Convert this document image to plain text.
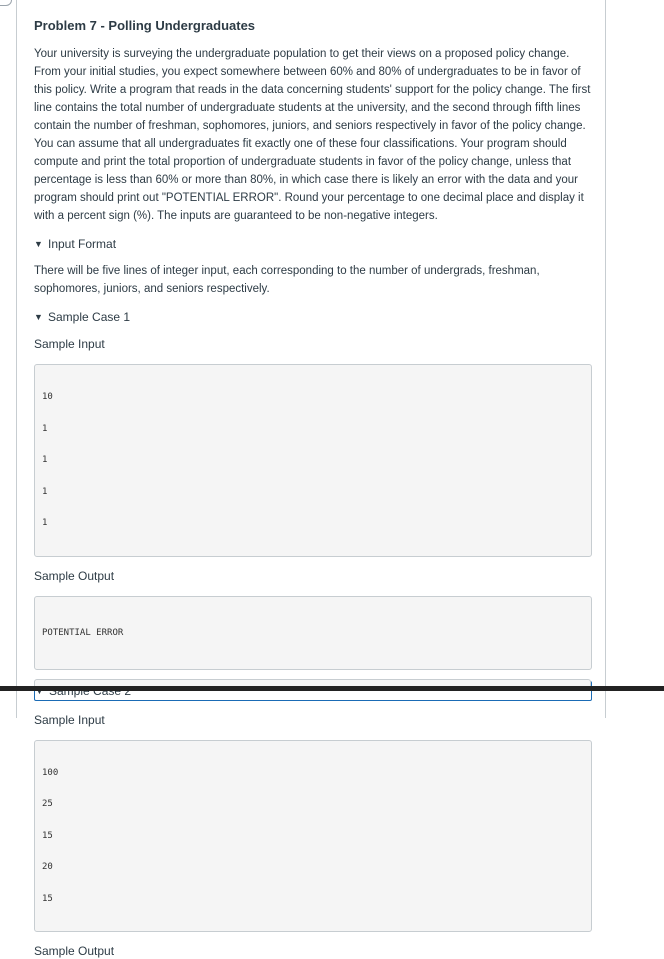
Problem 7 - Polling Undergraduates

Your university is surveying the undergraduate population to get their views on a proposed policy change. From your initial studies, you expect somewhere between 60% and 80% of undergraduates to be in favor of this policy. Write a program that reads in the data concerning students' support for the policy change. The first line contains the total number of undergraduate students at the university, and the second through fifth lines contain the number of freshman, sophomores, juniors, and seniors respectively in favor of the policy change. You can assume that all undergraduates fit exactly one of these four classifications. Your program should compute and print the total proportion of undergraduate students in favor of the policy change, unless that percentage is less than 60% or more than 80%, in which case there is likely an error with the data and your program should print out "POTENTIAL ERROR". Round your percentage to one decimal place and display it with a percent sign (%). The inputs are guaranteed to be non-negative integers.

▼ Input Format
There will be five lines of integer input, each corresponding to the number of undergrads, freshman, sophomores, juniors, and seniors respectively.
▼ Sample Case 1
Sample Input

10

1

1

1

1

Sample Output

POTENTIAL ERROR

Sample Input

100

25

15

20

15

Sample Output
